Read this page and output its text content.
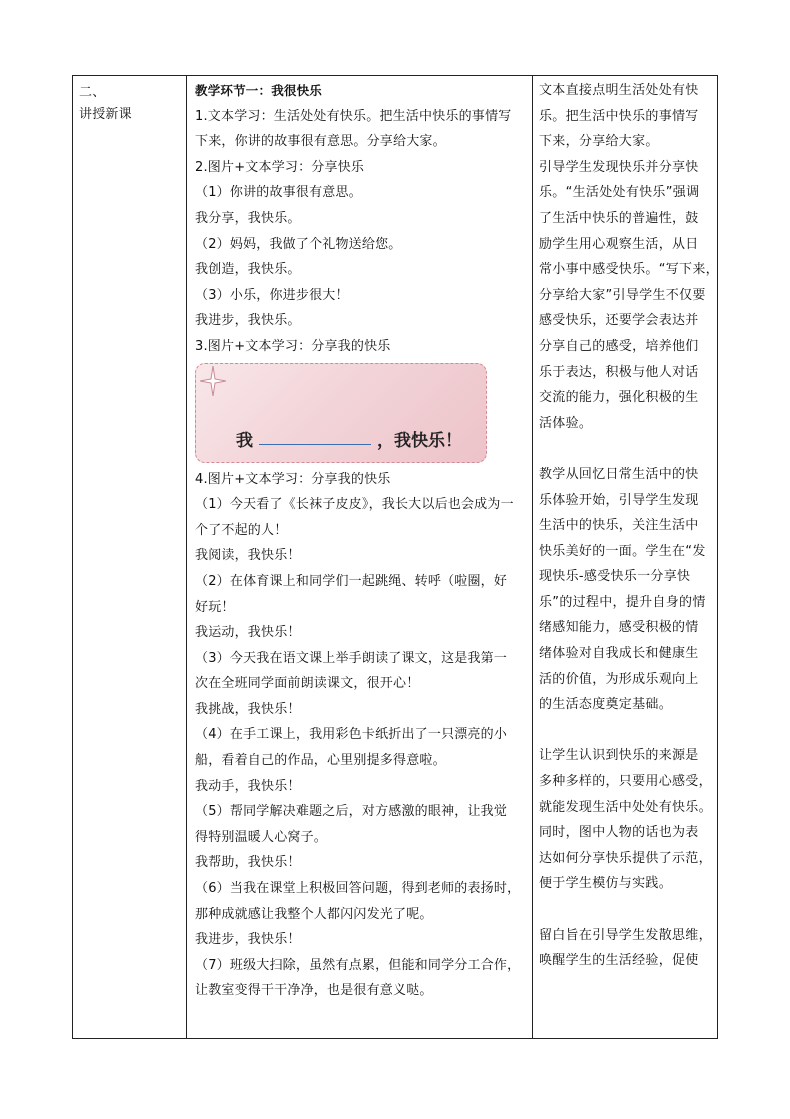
二、
讲授新课
教学环节一：我很快乐
1.文本学习：生活处处有快乐。把生活中快乐的事情写
下来，你讲的故事很有意思。分享给大家。
2.图片+文本学习：分享快乐
（1）你讲的故事很有意思。
我分享，我快乐。
（2）妈妈，我做了个礼物送给您。
我创造，我快乐。
（3）小乐，你进步很大！
我进步，我快乐。
3.图片+文本学习：分享我的快乐
我	，我快乐！
4.图片+文本学习：分享我的快乐
（1）今天看了《长袜子皮皮》，我长大以后也会成为一
个了不起的人！
我阅读，我快乐！
（2）在体育课上和同学们一起跳绳、转呼（啦圈，好
好玩！
我运动，我快乐！
（3）今天我在语文课上举手朗读了课文，这是我第一
次在全班同学面前朗读课文，很开心！
我挑战，我快乐！
（4）在手工课上，我用彩色卡纸折出了一只漂亮的小
船，看着自己的作品，心里别提多得意啦。
我动手，我快乐！
（5）帮同学解决难题之后，对方感激的眼神，让我觉
得特别温暖人心窝子。
我帮助，我快乐！
（6）当我在课堂上积极回答问题，得到老师的表扬时，
那种成就感让我整个人都闪闪发光了呢。
我进步，我快乐！
（7）班级大扫除，虽然有点累，但能和同学分工合作，
让教室变得干干净净，也是很有意义哒。
文本直接点明生活处处有快
乐。把生活中快乐的事情写
下来，分享给大家。
引导学生发现快乐并分享快
乐。“生活处处有快乐”强调
了生活中快乐的普遍性，鼓
励学生用心观察生活，从日
常小事中感受快乐。“写下来，
分享给大家”引导学生不仅要
感受快乐，还要学会表达并
分享自己的感受，培养他们
乐于表达，积极与他人对话
交流的能力，强化积极的生
活体验。
教学从回忆日常生活中的快
乐体验开始，引导学生发现
生活中的快乐，关注生活中
快乐美好的一面。学生在“发
现快乐-感受快乐一分享快
乐”的过程中，提升自身的情
绪感知能力，感受积极的情
绪体验对自我成长和健康生
活的价值，为形成乐观向上
的生活态度奠定基础。
让学生认识到快乐的来源是
多种多样的，只要用心感受，
就能发现生活中处处有快乐。
同时，图中人物的话也为表
达如何分享快乐提供了示范，
便于学生模仿与实践。
留白旨在引导学生发散思维，
唤醒学生的生活经验，促使
